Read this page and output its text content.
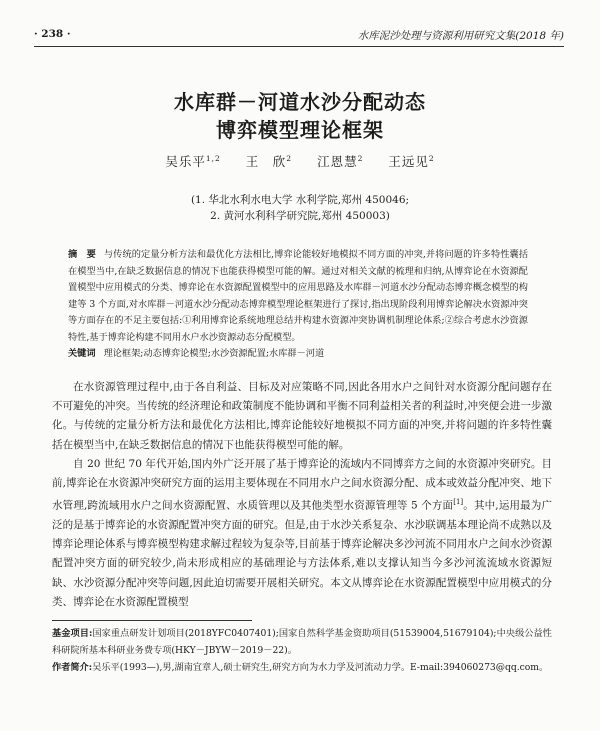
· 238 ·	水库泥沙处理与资源利用研究文集(2018 年)
水库群－河道水沙分配动态
博弈模型理论框架
吴乐平$^{1,2}$ 王　欣$^2$ 江恩慧$^2$ 王远见$^2$
(1. 华北水利水电大学 水利学院,郑州 450046;
2. 黄河水利科学研究院,郑州 450003)
摘　要 与传统的定量分析方法和最优化方法相比,博弈论能较好地模拟不同方面的冲突,并将问题的许多特性囊括在模型当中,在缺乏数据信息的情况下也能获得模型可能的解。通过对相关文献的梳理和归纳,从博弈论在水资源配置模型中应用模式的分类、博弈论在水资源配置模型中的应用思路及水库群－河道水沙分配动态博弈概念模型的构建等 3 个方面,对水库群－河道水沙分配动态博弈模型理论框架进行了探讨,指出现阶段利用博弈论解决水资源冲突等方面存在的不足主要包括:①利用博弈论系统地理总结并构建水资源冲突协调机制理论体系;②综合考虑水沙资源特性,基于博弈论构建不同用水户水沙资源动态分配模型。
关键词 理论框架;动态博弈论模型;水沙资源配置;水库群－河道

在水资源管理过程中,由于各自利益、目标及对应策略不同,因此各用水户之间针对水资源分配问题存在不可避免的冲突。当传统的经济理论和政策制度不能协调和平衡不同利益相关者的利益时,冲突便会进一步激化。与传统的定量分析方法和最优化方法相比,博弈论能较好地模拟不同方面的冲突,并将问题的许多特性囊括在模型当中,在缺乏数据信息的情况下也能获得模型可能的解。

自 20 世纪 70 年代开始,国内外广泛开展了基于博弈论的流域内不同博弈方之间的水资源冲突研究。目前,博弈论在水资源冲突研究方面的运用主要体现在不同用水户之间水资源分配、成本或效益分配冲突、地下水管理,跨流域用水户之间水资源配置、水质管理以及其他类型水资源管理等 5 个方面[1]。其中,运用最为广泛的是基于博弈论的水资源配置冲突方面的研究。但是,由于水沙关系复杂、水沙联调基本理论尚不成熟以及博弈论理论体系与博弈模型构建求解过程较为复杂等,目前基于博弈论解决多沙河流不同用水户之间水沙资源配置冲突方面的研究较少,尚未形成相应的基础理论与方法体系,难以支撑认知当今多沙河流流域水资源短缺、水沙资源分配冲突等问题,因此迫切需要开展相关研究。本文从博弈论在水资源配置模型中应用模式的分类、博弈论在水资源配置模型

基金项目:国家重点研发计划项目(2018YFC0407401);国家自然科学基金资助项目(51539004,51679104);中央级公益性科研院所基本科研业务费专项(HKY－JBYW－2019－22)。
作者简介:吴乐平(1993—),男,湖南宜章人,硕士研究生,研究方向为水力学及河流动力学。E-mail:394060273@qq.com。
